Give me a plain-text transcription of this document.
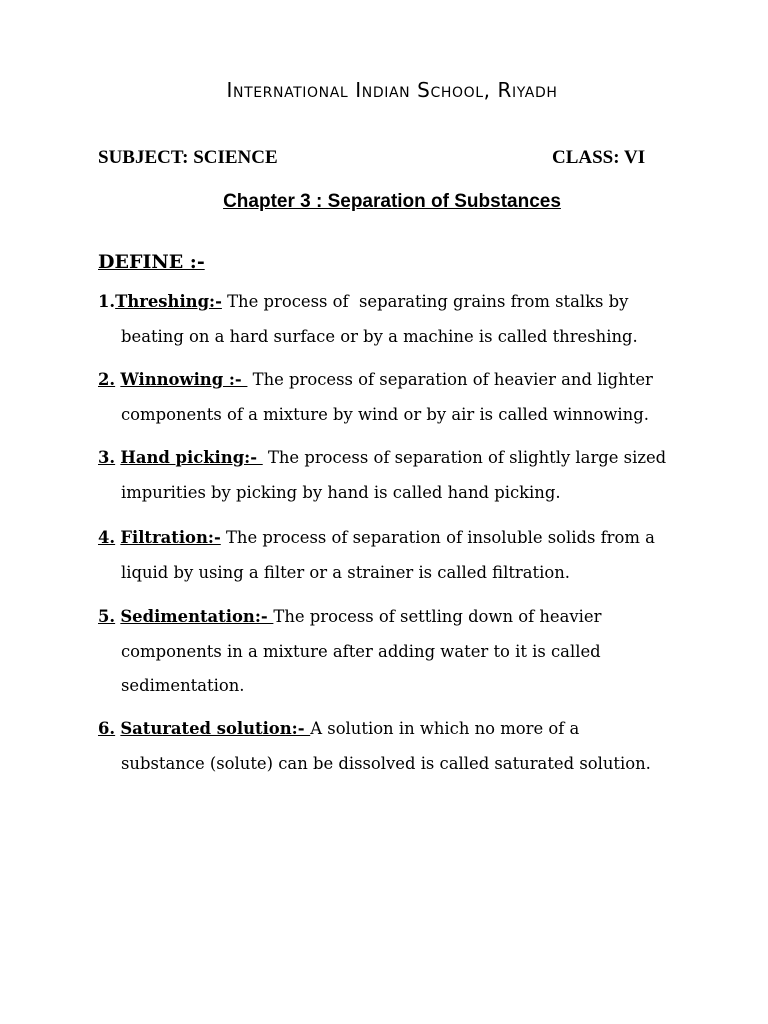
International Indian School, Riyadh
SUBJECT: SCIENCE	CLASS: VI
Chapter 3 : Separation of Substances
DEFINE :-
1.Threshing:- The process of  separating grains from stalks by
beating on a hard surface or by a machine is called threshing.
2. Winnowing :-  The process of separation of heavier and lighter
components of a mixture by wind or by air is called winnowing.
3. Hand picking:-  The process of separation of slightly large sized
impurities by picking by hand is called hand picking.
4. Filtration:- The process of separation of insoluble solids from a
liquid by using a filter or a strainer is called filtration.
5. Sedimentation:- The process of settling down of heavier
components in a mixture after adding water to it is called
sedimentation.
6. Saturated solution:- A solution in which no more of a
substance (solute) can be dissolved is called saturated solution.
